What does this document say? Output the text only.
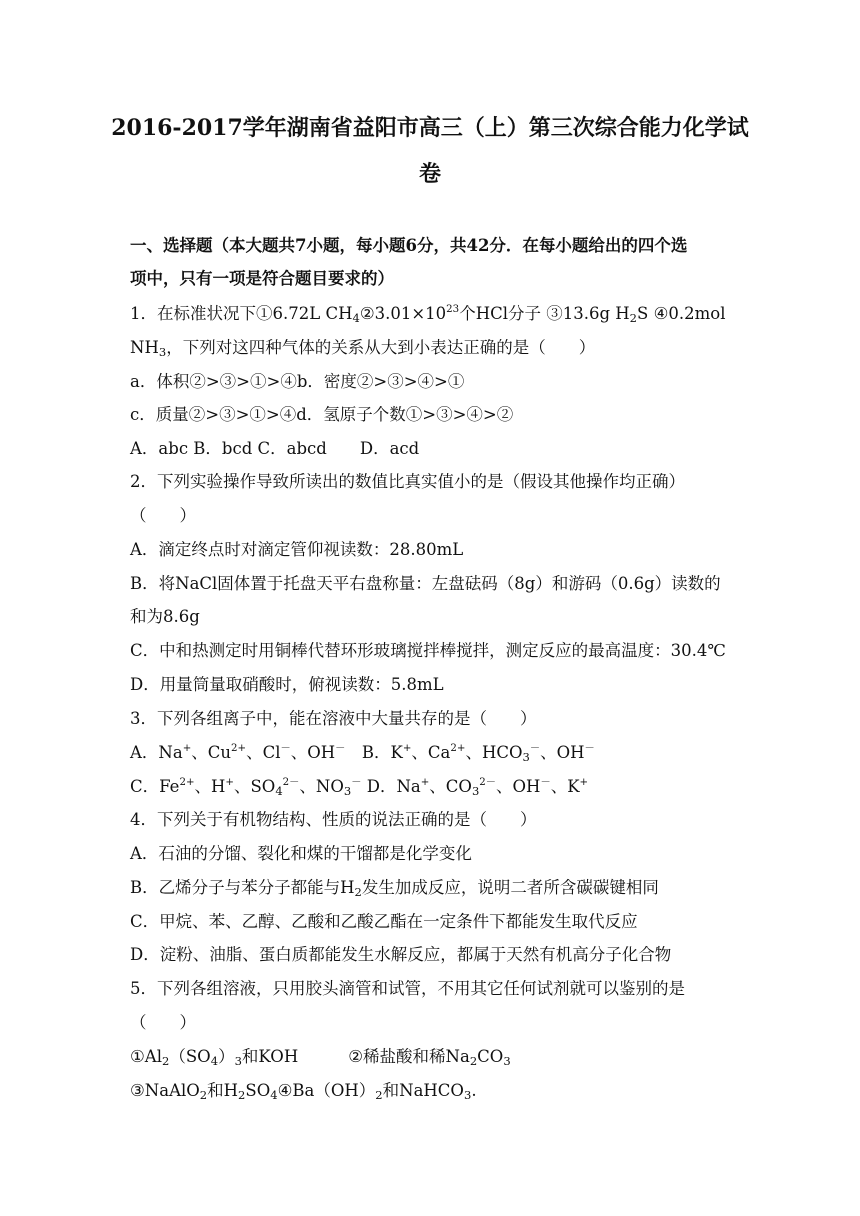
2016-2017学年湖南省益阳市高三（上）第三次综合能力化学试
卷
一、选择题（本大题共7小题，每小题6分，共42分．在每小题给出的四个选
项中，只有一项是符合题目要求的）
1．在标准状况下①6.72L $CH_4②3.01\times 10^{23}$个HCl分子 ③13.6g $H_2S$ ④0.2mol
$NH_3$，下列对这四种气体的关系从大到小表达正确的是（　　）
a．体积②>③>①>④b．密度②>③>④>①
c．质量②>③>①>④d．氢原子个数①>③>④>②
A．abc B．bcd C．abcd　　D．acd
2．下列实验操作导致所读出的数值比真实值小的是（假设其他操作均正确）
（　　）
A．滴定终点时对滴定管仰视读数：28.80mL
B．将NaCl固体置于托盘天平右盘称量：左盘砝码（8g）和游码（0.6g）读数的
和为8.6g
C．中和热测定时用铜棒代替环形玻璃搅拌棒搅拌，测定反应的最高温度：30.4℃
D．用量筒量取硝酸时，俯视读数：5.8mL
3．下列各组离子中，能在溶液中大量共存的是（　　）
A．Na+、$Cu^{2+}$、Cl－、OH－　B．K+、$Ca^{2+}$、$HCO_3^-$、OH－
C．$Fe^{2+}$、H+、$SO_4^{2-}$、$NO_3^-$ D．Na+、$CO_3^{2-}$、OH－、K+
4．下列关于有机物结构、性质的说法正确的是（　　）
A．石油的分馏、裂化和煤的干馏都是化学变化
B．乙烯分子与苯分子都能与$H_2$发生加成反应，说明二者所含碳碳键相同
C．甲烷、苯、乙醇、乙酸和乙酸乙酯在一定条件下都能发生取代反应
D．淀粉、油脂、蛋白质都能发生水解反应，都属于天然有机高分子化合物
5．下列各组溶液，只用胶头滴管和试管，不用其它任何试剂就可以鉴别的是
（　　）
$①Al_2(SO_4)_3$和KOH	②稀盐酸和稀$Na_2CO_3$
③NaAlO$_2$和$H_2SO_4④Ba(OH)_2$和NaHCO$_3$.
